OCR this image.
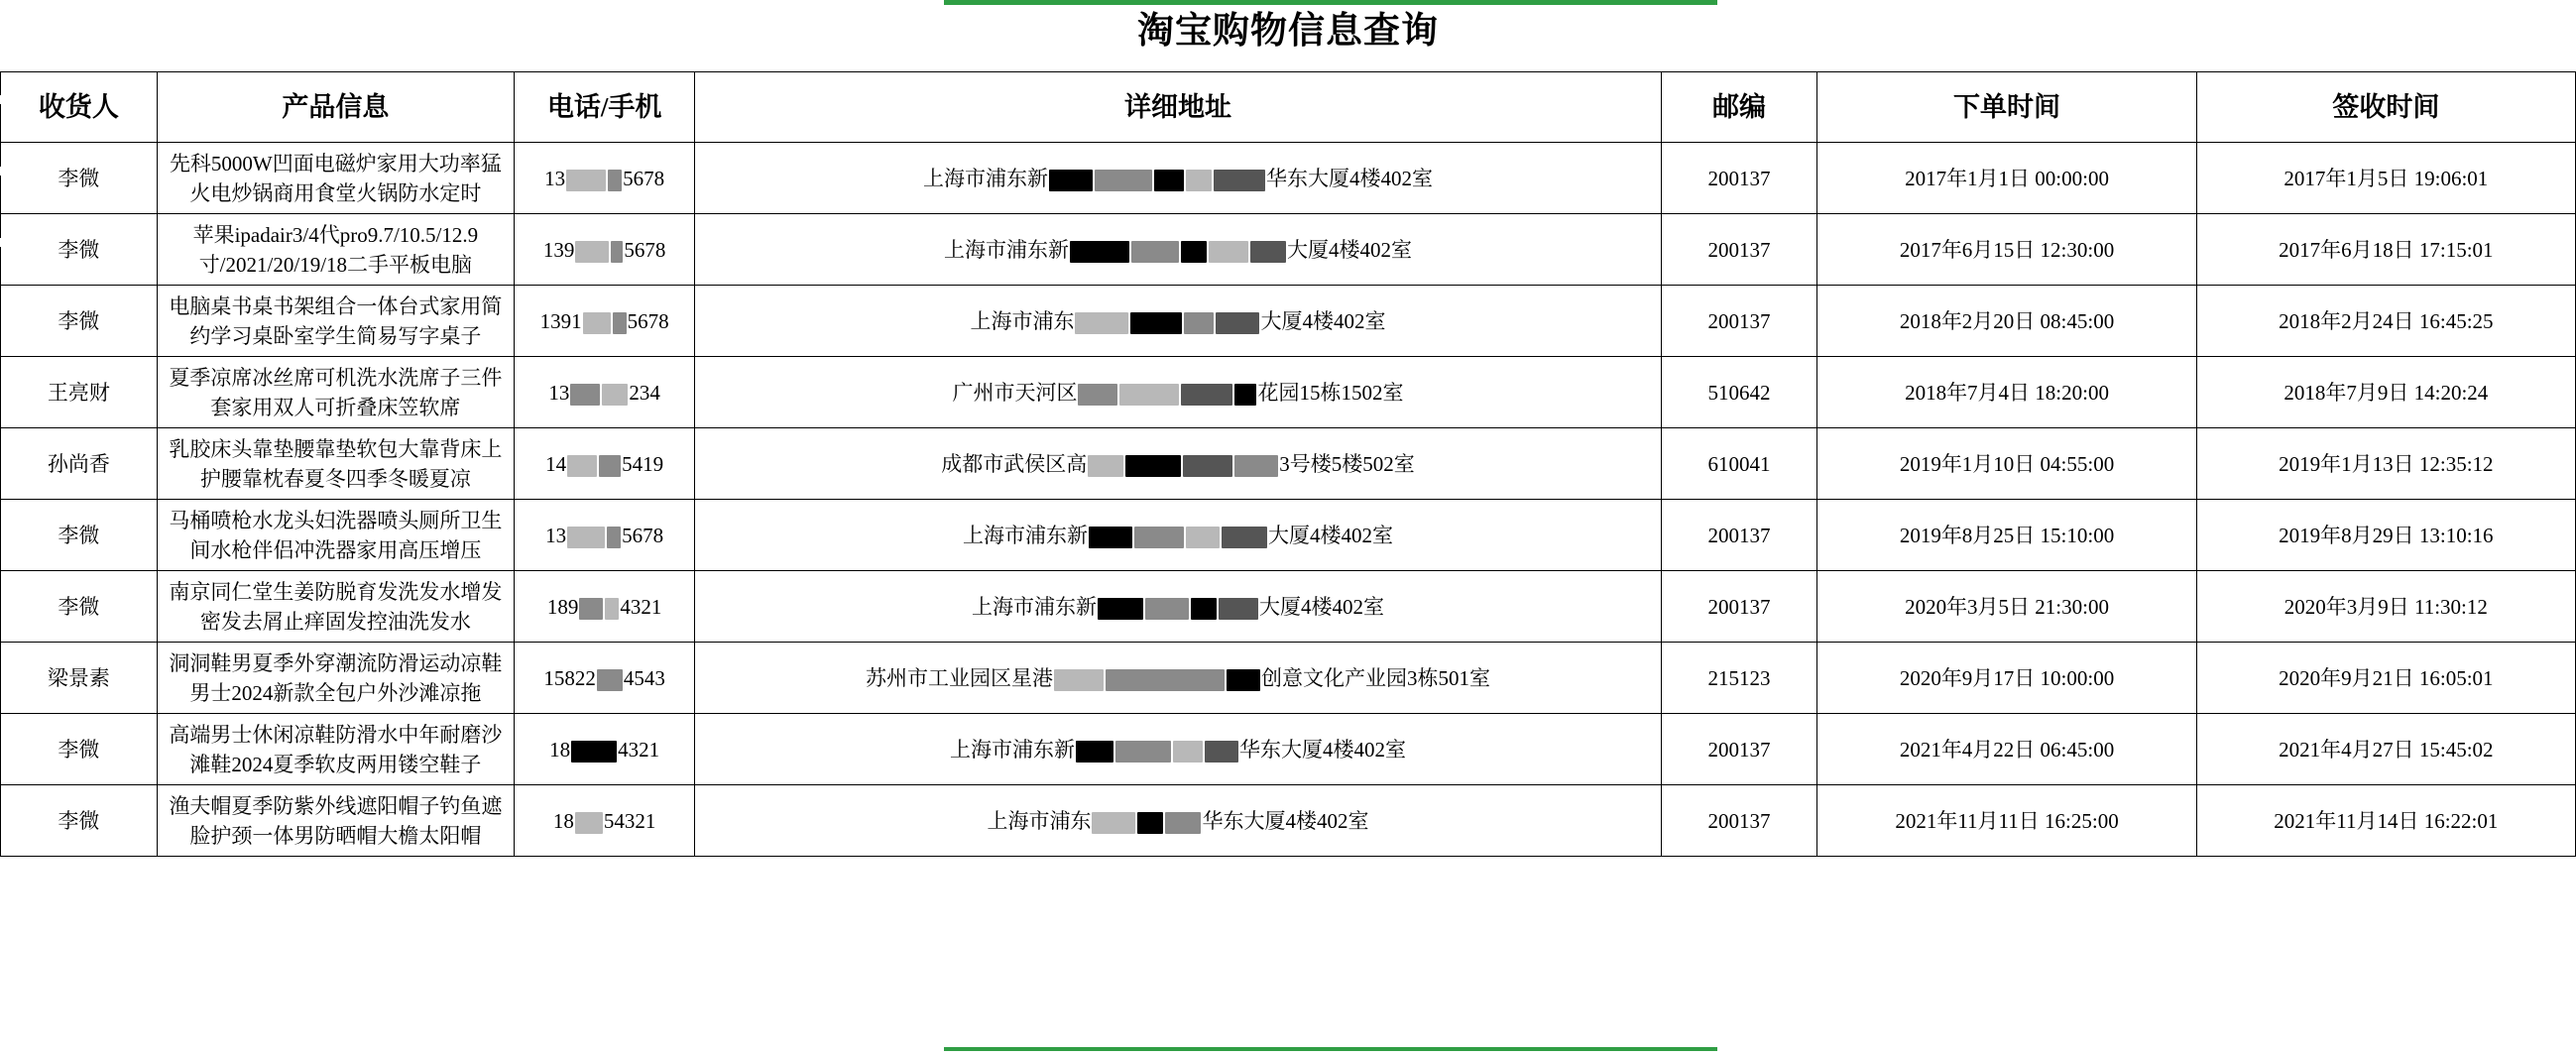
淘宝购物信息查询
收货人	产品信息	电话/手机	详细地址	邮编	下单时间	签收时间
李微	先科5000W凹面电磁炉家用大功率猛火电炒锅商用食堂火锅防水定时	13 5678	上海市浦东新 华东大厦4楼402室	200137	2017年1月1日 00:00:00	2017年1月5日 19:06:01
李微	苹果ipadair3/4代pro9.7/10.5/12.9寸/2021/20/19/18二手平板电脑	139 5678	上海市浦东新 大厦4楼402室	200137	2017年6月15日 12:30:00	2017年6月18日 17:15:01
李微	电脑桌书桌书架组合一体台式家用简约学习桌卧室学生简易写字桌子	1391 5678	上海市浦东 大厦4楼402室	200137	2018年2月20日 08:45:00	2018年2月24日 16:45:25
王亮财	夏季凉席冰丝席可机洗水洗席子三件套家用双人可折叠床笠软席	13 234	广州市天河区 花园15栋1502室	510642	2018年7月4日 18:20:00	2018年7月9日 14:20:24
孙尚香	乳胶床头靠垫腰靠垫软包大靠背床上护腰靠枕春夏冬四季冬暖夏凉	14 5419	成都市武侯区高 3号楼5楼502室	610041	2019年1月10日 04:55:00	2019年1月13日 12:35:12
李微	马桶喷枪水龙头妇洗器喷头厕所卫生间水枪伴侣冲洗器家用高压增压	13 5678	上海市浦东新 大厦4楼402室	200137	2019年8月25日 15:10:00	2019年8月29日 13:10:16
李微	南京同仁堂生姜防脱育发洗发水增发密发去屑止痒固发控油洗发水	189 4321	上海市浦东新 大厦4楼402室	200137	2020年3月5日 21:30:00	2020年3月9日 11:30:12
梁景素	洞洞鞋男夏季外穿潮流防滑运动凉鞋男士2024新款全包户外沙滩凉拖	15822 4543	苏州市工业园区星港 创意文化产业园3栋501室	215123	2020年9月17日 10:00:00	2020年9月21日 16:05:01
李微	高端男士休闲凉鞋防滑水中年耐磨沙滩鞋2024夏季软皮两用镂空鞋子	18 4321	上海市浦东新 华东大厦4楼402室	200137	2021年4月22日 06:45:00	2021年4月27日 15:45:02
李微	渔夫帽夏季防紫外线遮阳帽子钓鱼遮脸护颈一体男防晒帽大檐太阳帽	18 54321	上海市浦东 华东大厦4楼402室	200137	2021年11月11日 16:25:00	2021年11月14日 16:22:01
